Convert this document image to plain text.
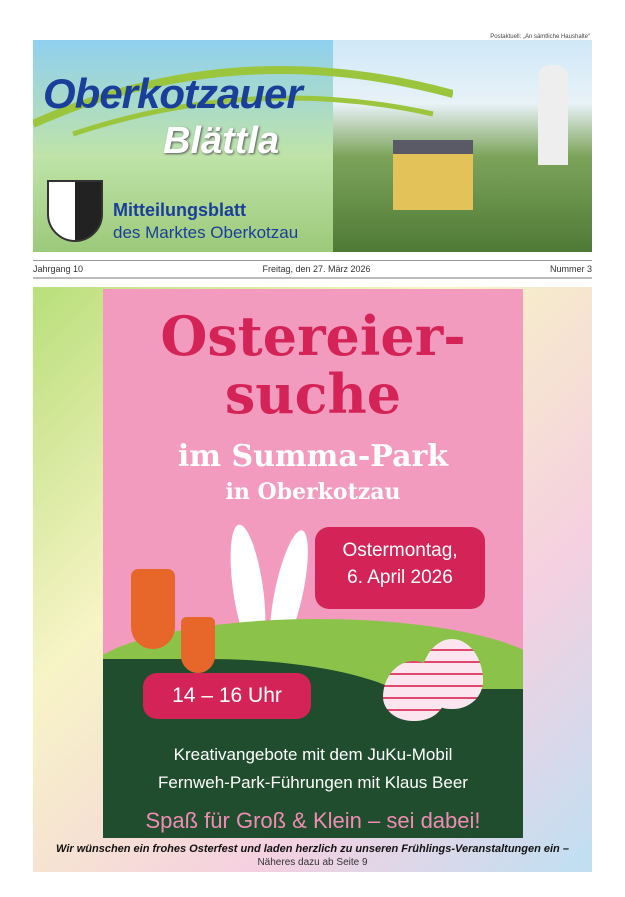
Postaktuell: „An sämtliche Haushalte“
Oberkotzauer
Blättla
Mitteilungsblatt
des Marktes Oberkotzau
Jahrgang 10	Freitag, den 27. März 2026	Nummer 3
Ostereier-suche
im Summa-Park
in Oberkotzau
Ostermontag,
6. April 2026
14 – 16 Uhr
Kreativangebote mit dem JuKu-Mobil
Fernweh-Park-Führungen mit Klaus Beer
Spaß für Groß & Klein – sei dabei!
Wir wünschen ein frohes Osterfest und laden herzlich zu unseren Frühlings-Veranstaltungen ein –
Näheres dazu ab Seite 9
